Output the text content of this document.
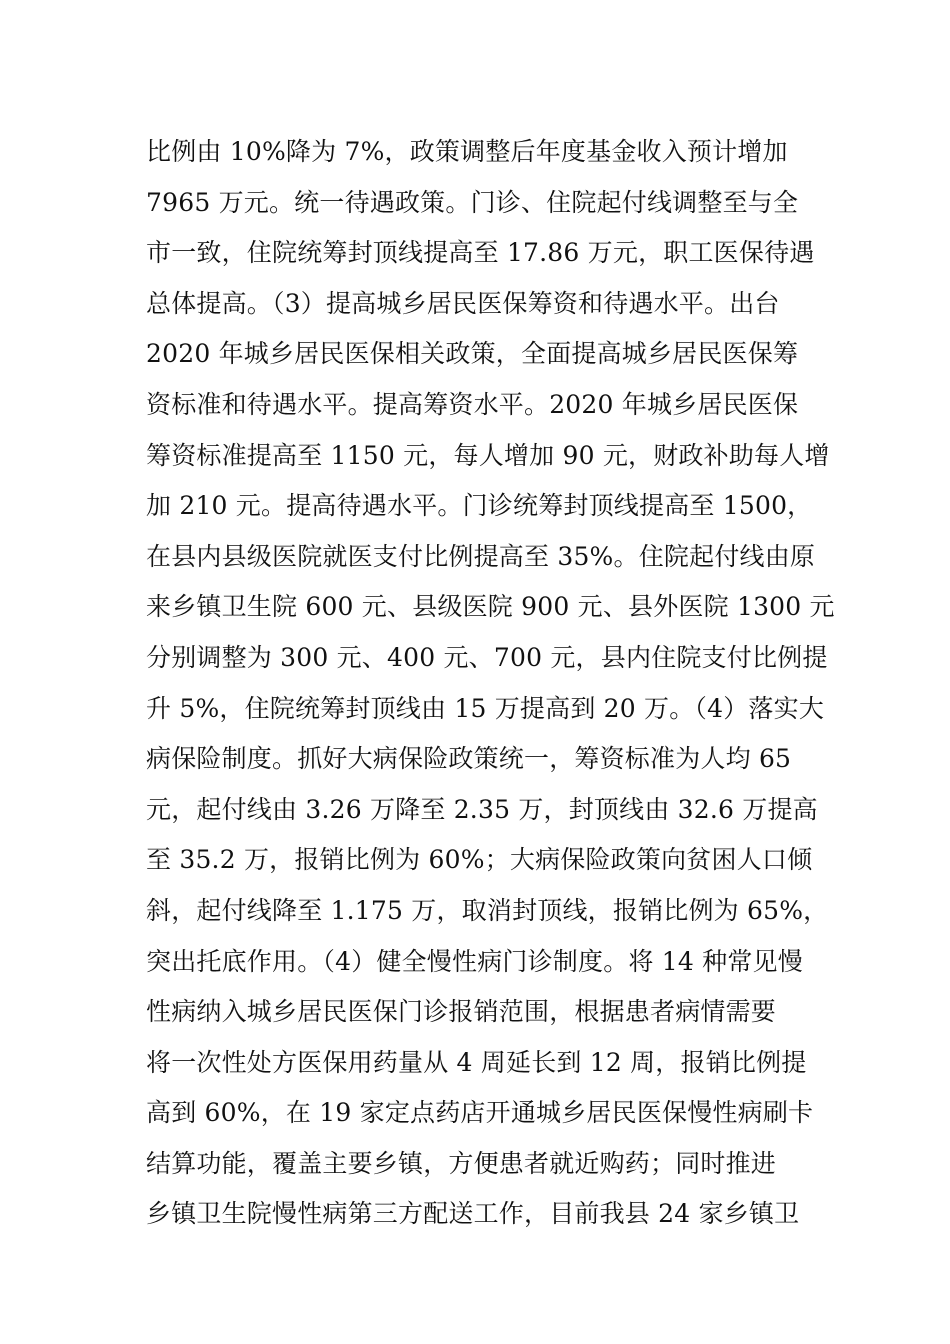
比例由 10%降为 7%，政策调整后年度基金收入预计增加
7965 万元。统一待遇政策。门诊、住院起付线调整至与全
市一致，住院统筹封顶线提高至 17.86 万元，职工医保待遇
总体提高。（3）提高城乡居民医保筹资和待遇水平。出台
2020 年城乡居民医保相关政策，全面提高城乡居民医保筹
资标准和待遇水平。提高筹资水平。2020 年城乡居民医保
筹资标准提高至 1150 元，每人增加 90 元，财政补助每人增
加 210 元。提高待遇水平。门诊统筹封顶线提高至 1500，
在县内县级医院就医支付比例提高至 35%。住院起付线由原
来乡镇卫生院 600 元、县级医院 900 元、县外医院 1300 元
分别调整为 300 元、400 元、700 元，县内住院支付比例提
升 5%，住院统筹封顶线由 15 万提高到 20 万。（4）落实大
病保险制度。抓好大病保险政策统一，筹资标准为人均 65
元，起付线由 3.26 万降至 2.35 万，封顶线由 32.6 万提高
至 35.2 万，报销比例为 60%；大病保险政策向贫困人口倾
斜，起付线降至 1.175 万，取消封顶线，报销比例为 65%，
突出托底作用。（4）健全慢性病门诊制度。将 14 种常见慢
性病纳入城乡居民医保门诊报销范围，根据患者病情需要
将一次性处方医保用药量从 4 周延长到 12 周，报销比例提
高到 60%，在 19 家定点药店开通城乡居民医保慢性病刷卡
结算功能，覆盖主要乡镇，方便患者就近购药；同时推进
乡镇卫生院慢性病第三方配送工作，目前我县 24 家乡镇卫
